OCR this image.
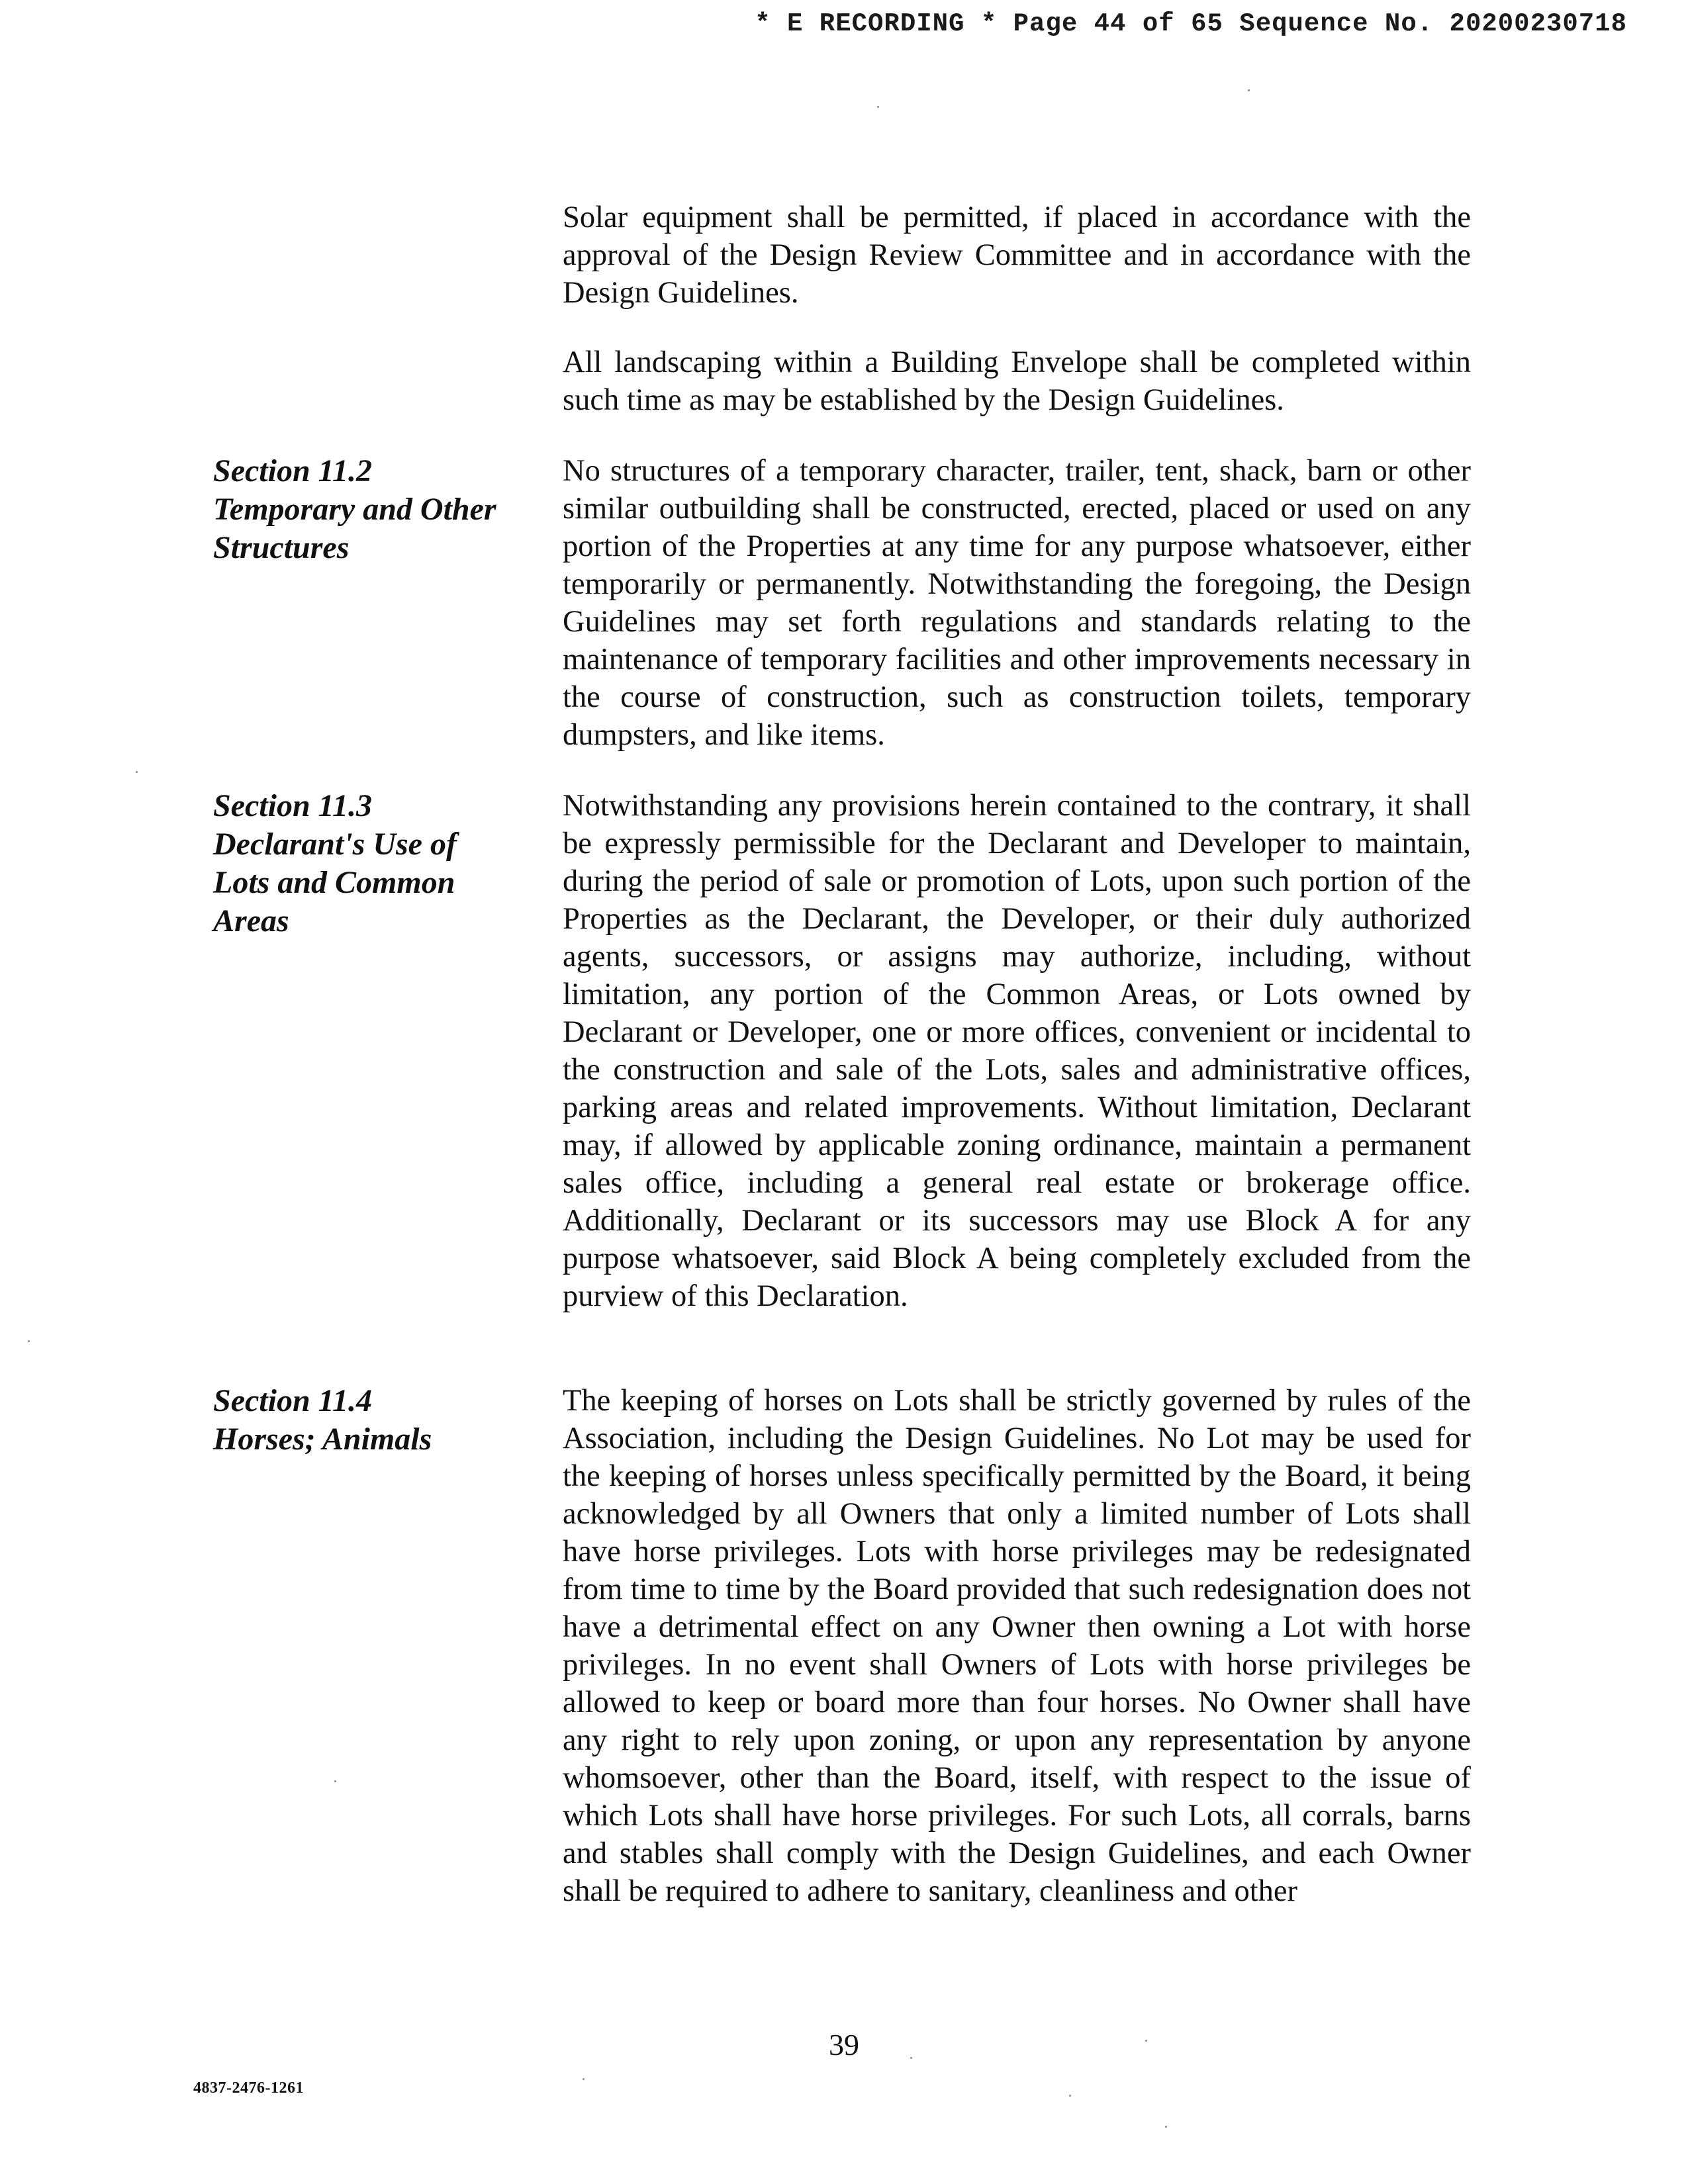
* E RECORDING * Page 44 of 65 Sequence No. 20200230718

Solar equipment shall be permitted, if placed in accordance with the approval of the Design Review Committee and in accordance with the Design Guidelines.

All landscaping within a Building Envelope shall be completed within such time as may be established by the Design Guidelines.

Section 11.2
Temporary and Other
Structures

No structures of a temporary character, trailer, tent, shack, barn or other similar outbuilding shall be constructed, erected, placed or used on any portion of the Properties at any time for any purpose whatsoever, either temporarily or permanently. Notwithstanding the foregoing, the Design Guidelines may set forth regulations and standards relating to the maintenance of temporary facilities and other improvements necessary in the course of construction, such as construction toilets, temporary dumpsters, and like items.

Section 11.3
Declarant's Use of
Lots and Common
Areas

Notwithstanding any provisions herein contained to the contrary, it shall be expressly permissible for the Declarant and Developer to maintain, during the period of sale or promotion of Lots, upon such portion of the Properties as the Declarant, the Developer, or their duly authorized agents, successors, or assigns may authorize, including, without limitation, any portion of the Common Areas, or Lots owned by Declarant or Developer, one or more offices, convenient or incidental to the construction and sale of the Lots, sales and administrative offices, parking areas and related improvements. Without limitation, Declarant may, if allowed by applicable zoning ordinance, maintain a permanent sales office, including a general real estate or brokerage office. Additionally, Declarant or its successors may use Block A for any purpose whatsoever, said Block A being completely excluded from the purview of this Declaration.

Section 11.4
Horses; Animals

The keeping of horses on Lots shall be strictly governed by rules of the Association, including the Design Guidelines. No Lot may be used for the keeping of horses unless specifically permitted by the Board, it being acknowledged by all Owners that only a limited number of Lots shall have horse privileges. Lots with horse privileges may be redesignated from time to time by the Board provided that such redesignation does not have a detrimental effect on any Owner then owning a Lot with horse privileges. In no event shall Owners of Lots with horse privileges be allowed to keep or board more than four horses. No Owner shall have any right to rely upon zoning, or upon any representation by anyone whomsoever, other than the Board, itself, with respect to the issue of which Lots shall have horse privileges. For such Lots, all corrals, barns and stables shall comply with the Design Guidelines, and each Owner shall be required to adhere to sanitary, cleanliness and other

39
4837-2476-1261
